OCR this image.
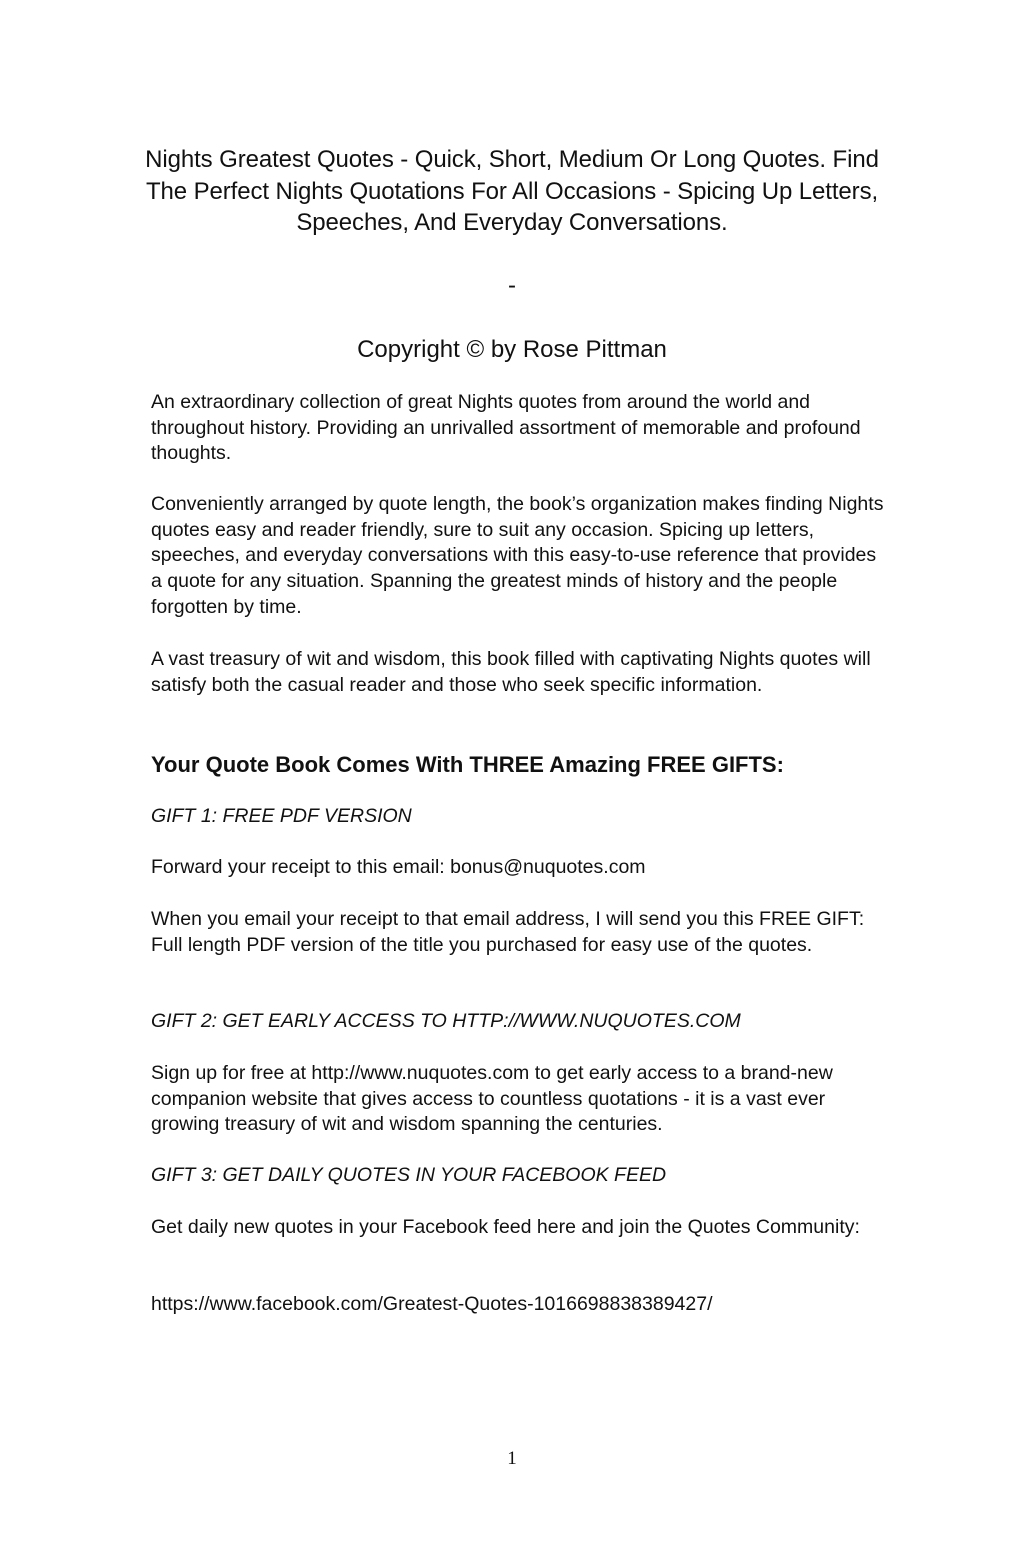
Nights Greatest Quotes - Quick, Short, Medium Or Long Quotes. Find The Perfect Nights Quotations For All Occasions - Spicing Up Letters, Speeches, And Everyday Conversations.
-
Copyright © by Rose Pittman

An extraordinary collection of great Nights quotes from around the world and throughout history. Providing an unrivalled assortment of memorable and profound thoughts.

Conveniently arranged by quote length, the book’s organization makes finding Nights quotes easy and reader friendly, sure to suit any occasion. Spicing up letters, speeches, and everyday conversations with this easy-to-use reference that provides a quote for any situation. Spanning the greatest minds of history and the people forgotten by time.

A vast treasury of wit and wisdom, this book filled with captivating Nights quotes will satisfy both the casual reader and those who seek specific information.

Your Quote Book Comes With THREE Amazing FREE GIFTS:

GIFT 1: FREE PDF VERSION

Forward your receipt to this email: bonus@nuquotes.com

When you email your receipt to that email address, I will send you this FREE GIFT: Full length PDF version of the title you purchased for easy use of the quotes.

GIFT 2: GET EARLY ACCESS TO HTTP://WWW.NUQUOTES.COM

Sign up for free at http://www.nuquotes.com to get early access to a brand-new companion website that gives access to countless quotations - it is a vast ever growing treasury of wit and wisdom spanning the centuries.

GIFT 3: GET DAILY QUOTES IN YOUR FACEBOOK FEED

Get daily new quotes in your Facebook feed here and join the Quotes Community:

https://www.facebook.com/Greatest-Quotes-1016698838389427/

1
